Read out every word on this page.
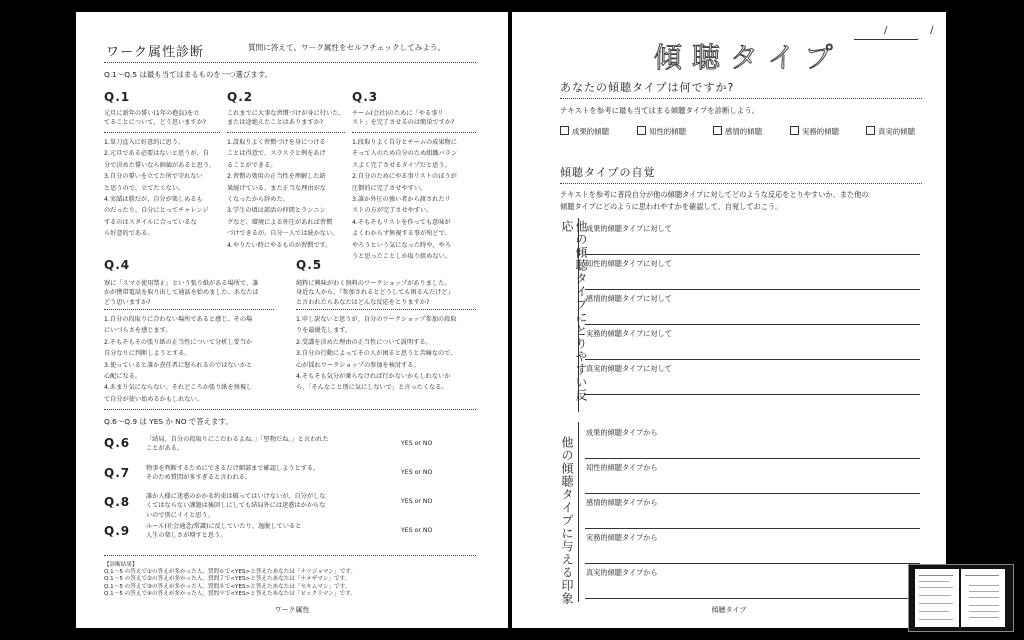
ワーク属性診断	質問に答えて、ワーク属性をセルフチェックしてみよう。
Q.1〜Q.5 は最も当てはまるものを一つ選びます。
Q.1
元旦に新年の誓い(1年の抱負)を立
てることについて、どう思いますか?
1.単刀直入に好意的に思う。
2.元旦である必要はないと思うが、自
分で決めた誓いなら価値があると思う。
3.自分の誓いを立てた所で守れない
と思うので、立てたくない。
4.実績は勝だが、自分が楽しめるも
のだったり、自分にとってチャレンジ
するのはスタイルに合っているな
ら好意的である。
Q.2
これまでに大事な習慣づけが身に付いた、
または途絶えたことはありますか?
1.設取りよく習慣づけを身につける
ことは得意で、スラスラと例をあげ
ることができる。
2.習慣の効用の正当性を理解した結
果続けている、また正当な理由がな
くなったから辞めた。
3.学生の頃は部活の仲間とランニン
グなど、環境による外圧があれば習慣
づけできるが、自分一人では続かない。
4.やりたい時にやるものが習慣です。
Q.3
チーム(会社)のために「やる事リ
スト」を完了させるのは簡単ですか?
1.段取りよく自分とチームの成果物に
そって人のため自分のため組織バラン
スよく完了させるタイプだと思う。
2.自分のためにやる事リストのほうが
圧倒的に完了させやすい。
3.誰か外圧の強い者から渡されたリ
ストの方が完了させやすい。
4.そもそもリストを作っても意味が
よくわからず無視する事が殆どで、
やろうという気になった時や、やろ
うと思ったことしか取り組めない。
Q.4
寮に「スマホ使用禁止」という張り紙がある場所で、誰
かが携帯電話を取り出して通話を始めました。あなたは
どう思いますか?
1.自分の段取りに合わない場所であると感じ、その場
にいづらさを感じます。
2.そもそもその張り紙の正当性について分析し妥当か
自分なりに判断しようとする。
3.使っていると誰か責任者に怒られるのではないかと
心配になる。
4.あまり気にならない。それどころか張り紙を無視し
て自分が使い始めるかもしれない。
Q.5
純粋に興味がわく無料のワークショップがありました。
身近な人から、『参加されるとどうしても困るんだけど』
と言われたらあなたはどんな反応をとりますか?
1.申し訳ないと思うが、自分のワークショップ参加の段取
りを最優先します。
2.受講を決めた理由の正当性について説明する。
3.自分の行動によってその人が困ると思うと苦痛なので、
心が揺れワークショップの参加を検討する。
4.そもそも気分が乗らなければ行かないかもしれないか
ら、「そんなこと別に気にしないで」と言ったくなる。
Q.6〜Q.9 は YES か NO で答えます。
Q.6	「結局、自分の段取りにこだわるよね。」「堅物だね。」と言われた
ことがある。
YES or NO
Q.7	物事を判断するためにできるだけ細部まで確認しようとする。
そのため質問が多すぎると言われる。
YES or NO
Q.8	誰か人様に迷惑のかかる約束は破ってはいけないが、自分がしな
くてはならない課題は後回しにしても結局外には迷惑はかからな
いので別にイイと思う。
YES or NO
Q.9	ルール(社会通念/常識)に反していたり、逸脱していると
人生の楽しさが増すと思う。
YES or NO
【診断結果】
Q.1〜5 の答えで①の答えが多かった人、質問６で<YES>と答えたあなたは「ナツジョマン」です。
Q.1〜5 の答えで②の答えが多かった人、質問７で<YES>と答えたあなたは「ナメザマン」です。
Q.1〜5 の答えで③の答えが多かった人、質問８で<YES>と答えたあなたは「セキムマン」です。
Q.1〜5 の答えで④の答えが多かった人、質問９で<YES>と答えたあなたは「ピックリマン」です。
ワーク属性
/    /
傾聴タイプ
あなたの傾聴タイプは何ですか?
テキストを参考に最も当てはまる傾聴タイプを診断しよう。
成果的傾聴	知性的傾聴	感情的傾聴	実務的傾聴	真実的傾聴
傾聴タイプの自覚
テキストを参考に普段自分が他の傾聴タイプに対してどのような反応をとりやすいか、また他の
傾聴タイプにどのように思われやすかを確認して、自覚しておこう。
他の傾聴タイプにとりやすい反応	成果的傾聴タイプに対して
知性的傾聴タイプに対して
感情的傾聴タイプに対して
実務的傾聴タイプに対して
真実的傾聴タイプに対して
他の傾聴タイプに与える印象
成果的傾聴タイプから
知性的傾聴タイプから
感情的傾聴タイプから
実務的傾聴タイプから
真実的傾聴タイプから
傾聴タイプ
